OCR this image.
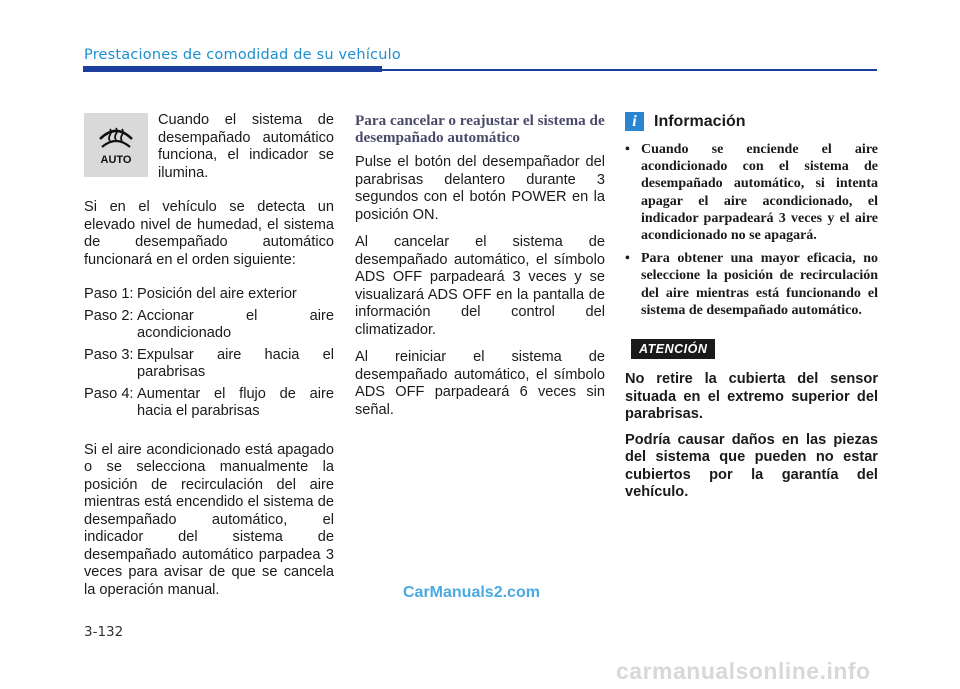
Prestaciones de comodidad de su vehículo
AUTO
Cuando el sistema de desempañado automático funciona, el indicador se ilumina.

Si en el vehículo se detecta un elevado nivel de humedad, el sistema de desempañado automático funcionará en el orden siguiente:

Paso 1: Posición del aire exterior
Paso 2: Accionar el aire acondicionado
Paso 3: Expulsar aire hacia el parabrisas
Paso 4: Aumentar el flujo de aire hacia el parabrisas

Si el aire acondicionado está apagado o se selecciona manualmente la posición de recirculación del aire mientras está encendido el sistema de desempañado automático, el indicador del sistema de desempañado automático parpadea 3 veces para avisar de que se cancela la operación manual.

Para cancelar o reajustar el sistema de desempañado automático

Pulse el botón del desempañador del parabrisas delantero durante 3 segundos con el botón POWER en la posición ON.

Al cancelar el sistema de desempañado automático, el símbolo ADS OFF parpadeará 3 veces y se visualizará ADS OFF en la pantalla de información del control del climatizador.

Al reiniciar el sistema de desempañado automático, el símbolo ADS OFF parpadeará 6 veces sin señal.

i	Información
• Cuando se enciende el aire acondicionado con el sistema de desempañado automático, si intenta apagar el aire acondicionado, el indicador parpadeará 3 veces y el aire acondicionado no se apagará.
• Para obtener una mayor eficacia, no seleccione la posición de recirculación del aire mientras está funcionando el sistema de desempañado automático.
ATENCIÓN

No retire la cubierta del sensor situada en el extremo superior del parabrisas.

Podría causar daños en las piezas del sistema que pueden no estar cubiertos por la garantía del vehículo.

CarManuals2.com
3-132
carmanualsonline.info
